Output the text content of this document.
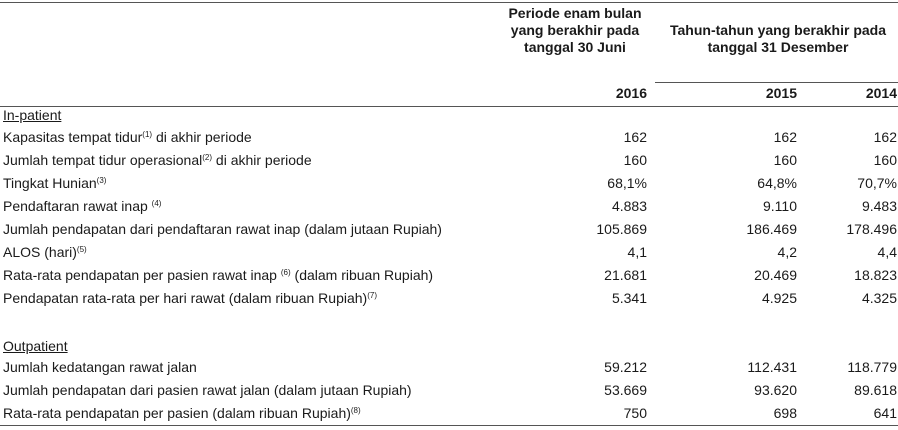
Periode enam bulan yang berakhir pada tanggal 30 Juni
Tahun-tahun yang berakhir pada tanggal 31 Desember
2016	2015	2014
In-patient
Kapasitas tempat tidur$^{(1)}$ di akhir periode	162	162	162
Jumlah tempat tidur operasional$^{(2)}$ di akhir periode	160	160	160
Tingkat Hunian$^{(3)}$	68,1%	64,8%	70,7%
Pendaftaran rawat inap $^{(4)}$	4.883	9.110	9.483
Jumlah pendapatan dari pendaftaran rawat inap (dalam jutaan Rupiah)	105.869	186.469	178.496
ALOS (hari)$^{(5)}$	4,1	4,2	4,4
Rata-rata pendapatan per pasien rawat inap $^{(6)}$ (dalam ribuan Rupiah)	21.681	20.469	18.823
Pendapatan rata-rata per hari rawat (dalam ribuan Rupiah)$^{(7)}$	5.341	4.925	4.325
Outpatient
Jumlah kedatangan rawat jalan	59.212	112.431	118.779
Jumlah pendapatan dari pasien rawat jalan (dalam jutaan Rupiah)	53.669	93.620	89.618
Rata-rata pendapatan per pasien (dalam ribuan Rupiah)$^{(8)}$	750	698	641
